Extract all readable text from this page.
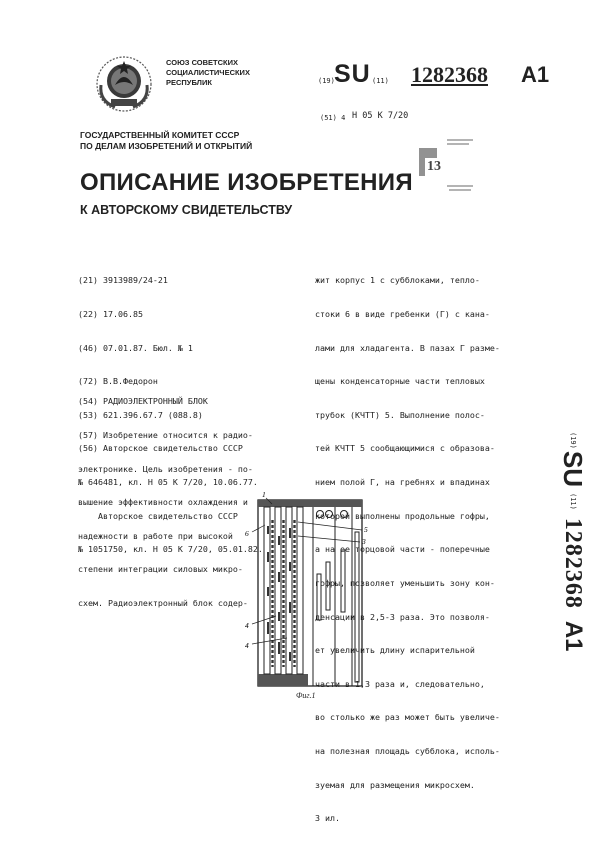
СОЮЗ СОВЕТСКИХ
СОЦИАЛИСТИЧЕСКИХ
РЕСПУБЛИК	(19) SU (11) 1282368 A1
(51) 4 H 05 K 7/20
ГОСУДАРСТВЕННЫЙ КОМИТЕТ СССР
ПО ДЕЛАМ ИЗОБРЕТЕНИЙ И ОТКРЫТИЙ
13
ОПИСАНИЕ ИЗОБРЕТЕНИЯ
К АВТОРСКОМУ СВИДЕТЕЛЬСТВУ

(21) 3913989/24-21

(22) 17.06.85

(46) 07.01.87. Бюл. № 1

(72) В.В.Федорон

(53) 621.396.67.7 (088.8)

(56) Авторское свидетельство СССР

№ 646481, кл. H 05 K 7/20, 10.06.77.

Авторское свидетельство СССР

№ 1051750, кл. H 05 K 7/20, 05.01.82.

(54) РАДИОЭЛЕКТРОННЫЙ БЛОК

(57) Изобретение относится к радио-

электронике. Цель изобретения - по-

вышение эффективности охлаждения и

надежности в работе при высокой

степени интеграции силовых микро-

схем. Радиоэлектронный блок содер-

жит корпус 1 с субблоками, тепло-

стоки 6 в виде гребенки (Г) с кана-

лами для хладагента. В пазах Г разме-

щены конденсаторные части тепловых

трубок (КЧТТ) 5. Выполнение полос-

тей КЧТТ 5 сообщающимися с образова-

нием полой Г, на гребнях и впадинах

которой выполнены продольные гофры,

а на ее торцовой части - поперечные

гофры, позволяет уменьшить зону кон-

денсации в 2,5-3 раза. Это позволя-

ет увеличить длину испарительной

части в 1,3 раза и, следовательно,

во столько же раз может быть увеличе-

на полезная площадь субблока, исполь-

зуемая для размещения микросхем.

3 ил.

1
6	5
3
4
4
Фиг.1
(19)
SU
(11)
1282368
A1
